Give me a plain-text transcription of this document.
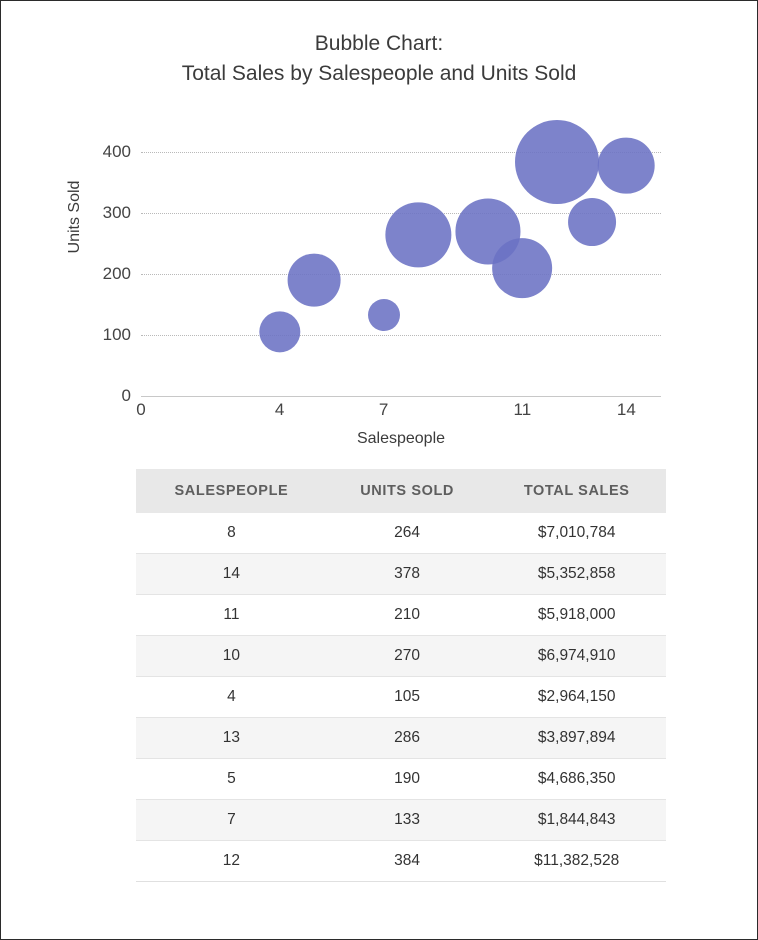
Bubble Chart:
Total Sales by Salespeople and Units Sold
Units Sold
0
100
200
300
400
0	4	7	11	14
Salespeople
SALESPEOPLE	UNITS SOLD	TOTAL SALES
8	264	$7,010,784
14	378	$5,352,858
11	210	$5,918,000
10	270	$6,974,910
4	105	$2,964,150
13	286	$3,897,894
5	190	$4,686,350
7	133	$1,844,843
12	384	$11,382,528
